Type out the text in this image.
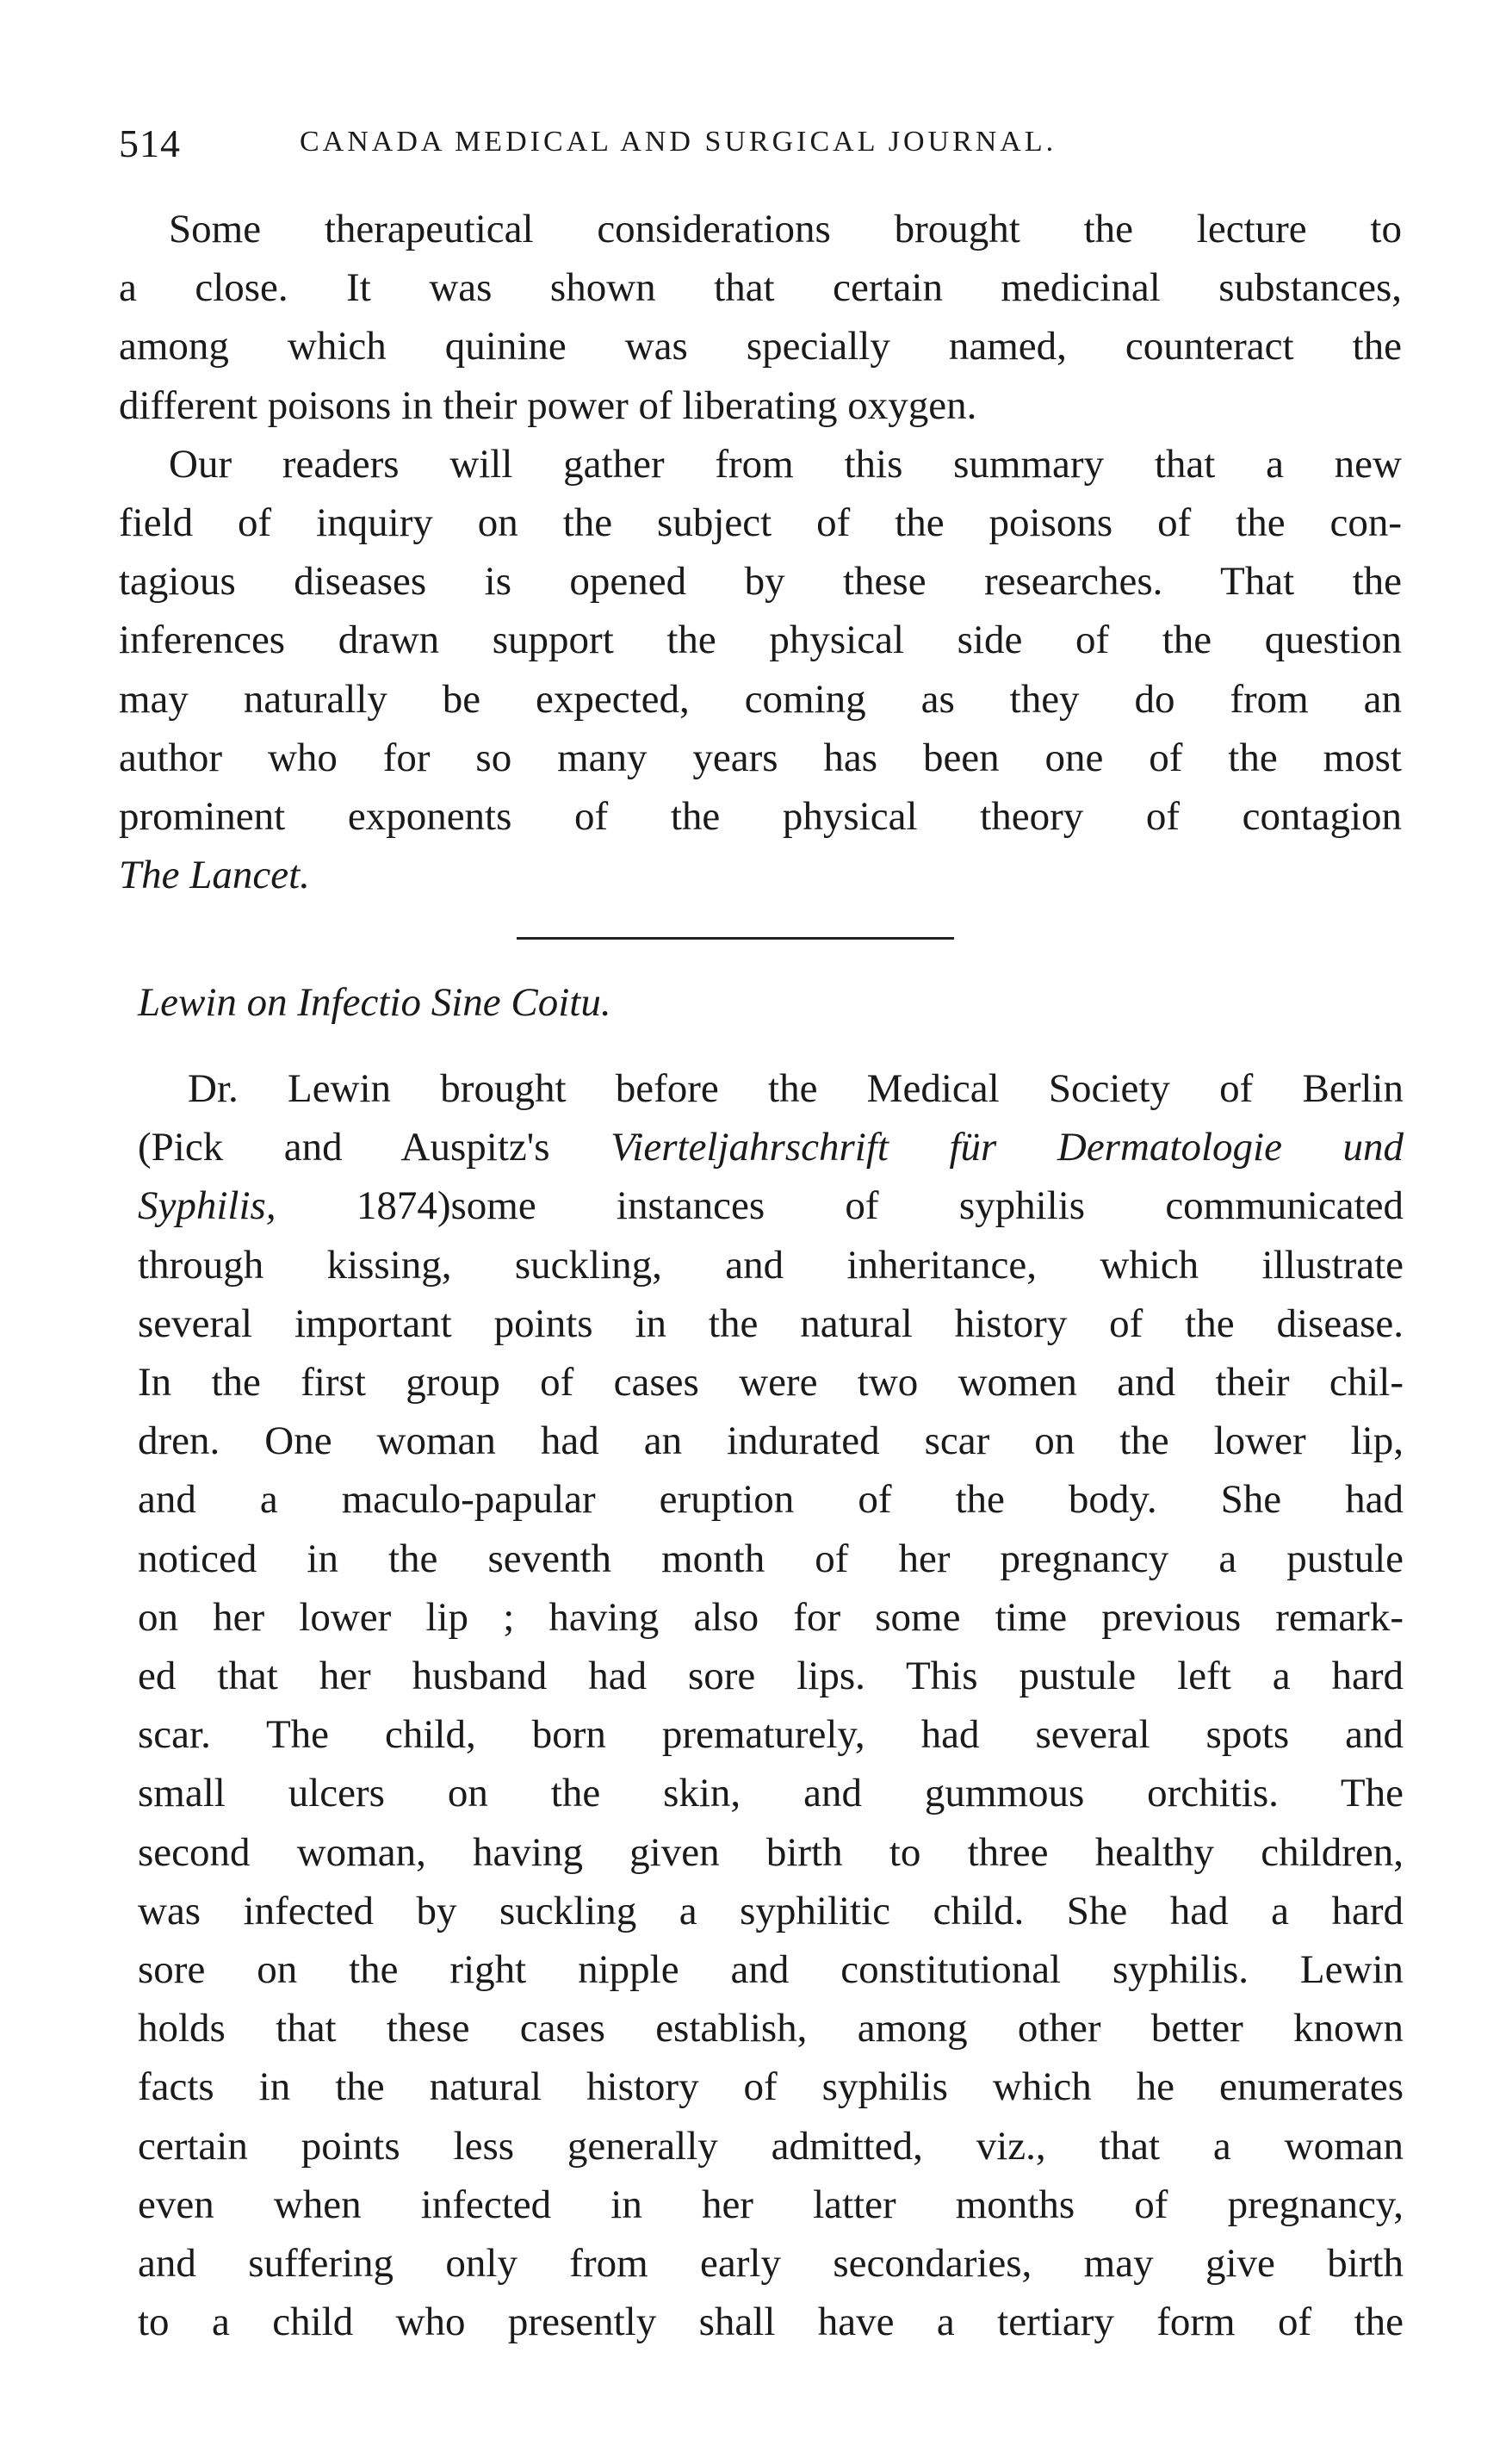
514	CANADA MEDICAL AND SURGICAL JOURNAL.
Some therapeutical considerations brought the lecture to
a close. It was shown that certain medicinal substances,
among which quinine was specially named, counteract the
different poisons in their power of liberating oxygen.
Our readers will gather from this summary that a new
field of inquiry on the subject of the poisons of the con-
tagious diseases is opened by these researches. That the
inferences drawn support the physical side of the question
may naturally be expected, coming as they do from an
author who for so many years has been one of the most
prominent exponents of the physical theory of contagion
The Lancet.
Lewin on Infectio Sine Coitu.
Dr. Lewin brought before the Medical Society of Berlin
(Pick and Auspitz's Vierteljahrschrift für Dermatologie und
Syphilis, 1874)some instances of syphilis communicated
through kissing, suckling, and inheritance, which illustrate
several important points in the natural history of the disease.
In the first group of cases were two women and their chil-
dren. One woman had an indurated scar on the lower lip,
and a maculo-papular eruption of the body. She had
noticed in the seventh month of her pregnancy a pustule
on her lower lip ; having also for some time previous remark-
ed that her husband had sore lips. This pustule left a hard
scar. The child, born prematurely, had several spots and
small ulcers on the skin, and gummous orchitis. The
second woman, having given birth to three healthy children,
was infected by suckling a syphilitic child. She had a hard
sore on the right nipple and constitutional syphilis. Lewin
holds that these cases establish, among other better known
facts in the natural history of syphilis which he enumerates
certain points less generally admitted, viz., that a woman
even when infected in her latter months of pregnancy,
and suffering only from early secondaries, may give birth
to a child who presently shall have a tertiary form of the
